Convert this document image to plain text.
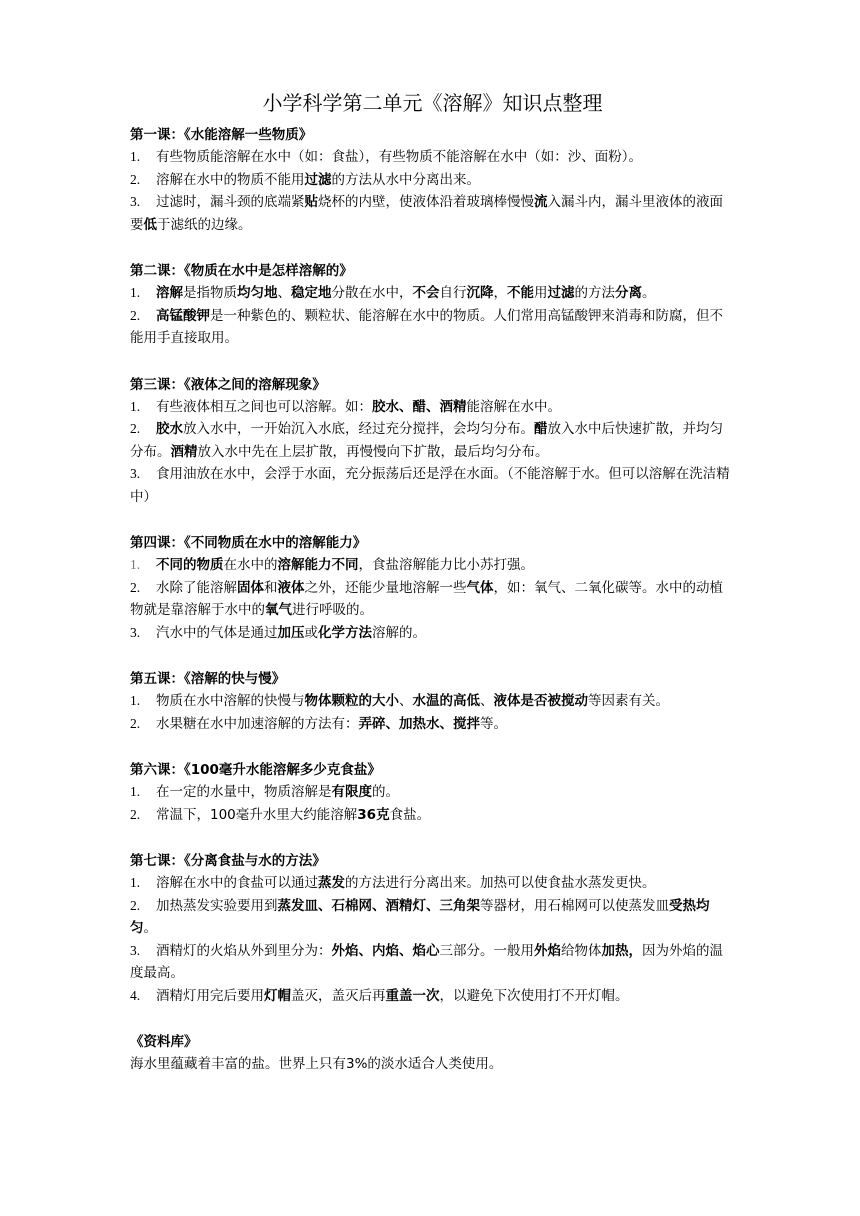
小学科学第二单元《溶解》知识点整理

第一课：《水能溶解一些物质》

1. 有些物质能溶解在水中（如：食盐），有些物质不能溶解在水中（如：沙、面粉）。
2. 溶解在水中的物质不能用过滤的方法从水中分离出来。
3. 过滤时，漏斗颈的底端紧贴烧杯的内壁，使液体沿着玻璃棒慢慢流入漏斗内，漏斗里液体的液面要低于滤纸的边缘。

第二课：《物质在水中是怎样溶解的》

1. 溶解是指物质均匀地、稳定地分散在水中，不会自行沉降，不能用过滤的方法分离。
2. 高锰酸钾是一种紫色的、颗粒状、能溶解在水中的物质。人们常用高锰酸钾来消毒和防腐，但不能用手直接取用。

第三课：《液体之间的溶解现象》

1. 有些液体相互之间也可以溶解。如：胶水、醋、酒精能溶解在水中。
2. 胶水放入水中，一开始沉入水底，经过充分搅拌，会均匀分布。醋放入水中后快速扩散，并均匀分布。酒精放入水中先在上层扩散，再慢慢向下扩散，最后均匀分布。
3. 食用油放在水中，会浮于水面，充分振荡后还是浮在水面。（不能溶解于水。但可以溶解在洗洁精中）

第四课：《不同物质在水中的溶解能力》

1. 不同的物质在水中的溶解能力不同，食盐溶解能力比小苏打强。
2. 水除了能溶解固体和液体之外，还能少量地溶解一些气体，如：氧气、二氧化碳等。水中的动植物就是靠溶解于水中的氧气进行呼吸的。
3. 汽水中的气体是通过加压或化学方法溶解的。

第五课：《溶解的快与慢》

1. 物质在水中溶解的快慢与物体颗粒的大小、水温的高低、液体是否被搅动等因素有关。
2. 水果糖在水中加速溶解的方法有：弄碎、加热水、搅拌等。

第六课：《100毫升水能溶解多少克食盐》

1. 在一定的水量中，物质溶解是有限度的。
2. 常温下，100毫升水里大约能溶解36克食盐。

第七课：《分离食盐与水的方法》

1. 溶解在水中的食盐可以通过蒸发的方法进行分离出来。加热可以使食盐水蒸发更快。
2. 加热蒸发实验要用到蒸发皿、石棉网、酒精灯、三角架等器材，用石棉网可以使蒸发皿受热均匀。
3. 酒精灯的火焰从外到里分为：外焰、内焰、焰心三部分。一般用外焰给物体加热，因为外焰的温度最高。
4. 酒精灯用完后要用灯帽盖灭，盖灭后再重盖一次，以避免下次使用打不开灯帽。

《资料库》

海水里蕴藏着丰富的盐。世界上只有3%的淡水适合人类使用。
